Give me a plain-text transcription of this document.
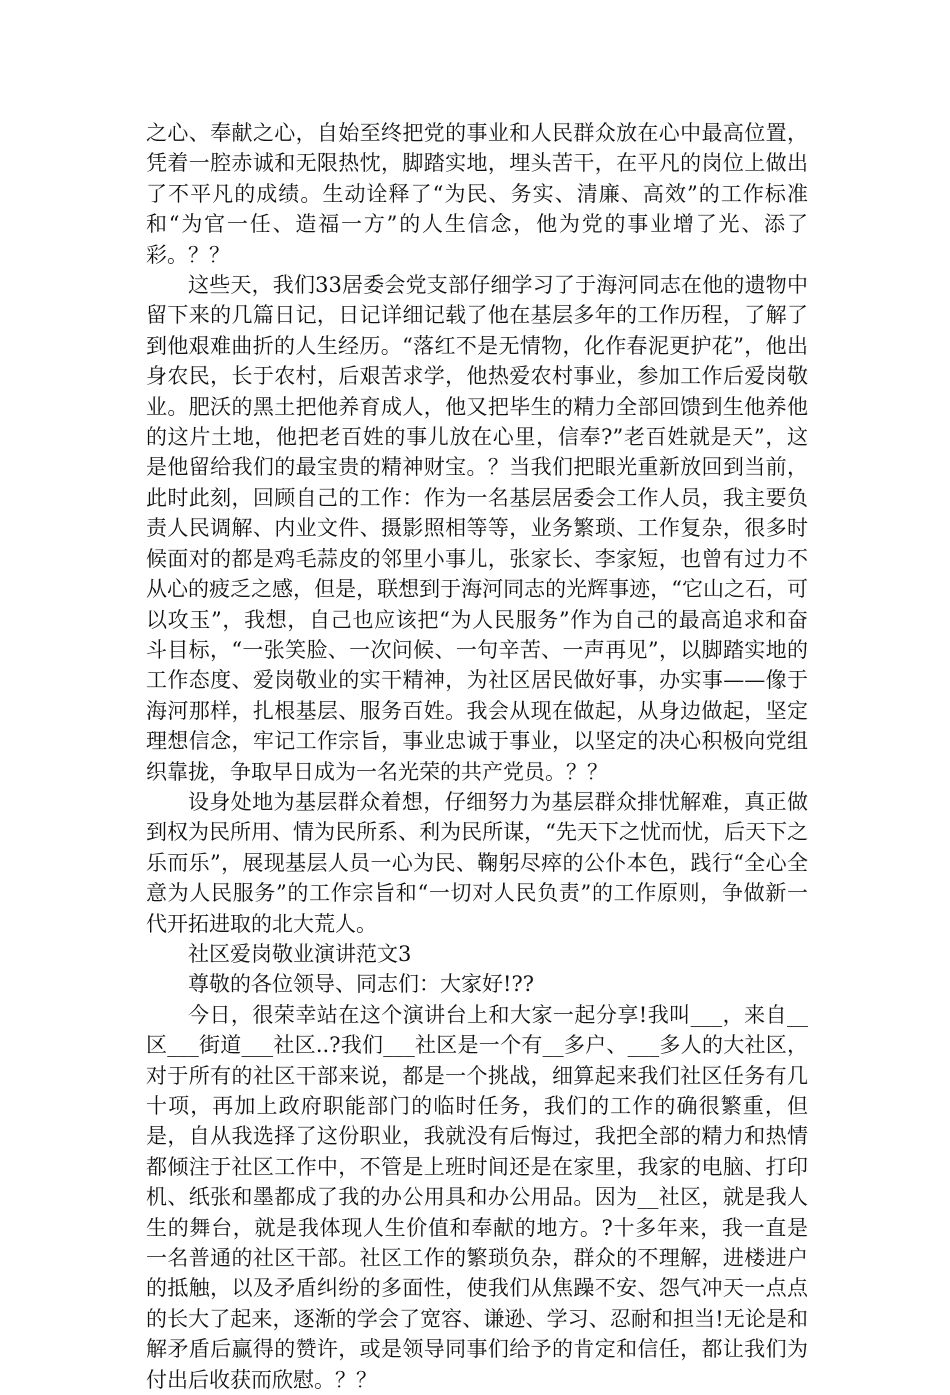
之心、奉献之心，自始至终把党的事业和人民群众放在心中最高位置，凭着一腔赤诚和无限热忱，脚踏实地，埋头苦干，在平凡的岗位上做出了不平凡的成绩。生动诠释了“为民、务实、清廉、高效”的工作标准和“为官一任、造福一方”的人生信念，他为党的事业增了光、添了彩。？？

这些天，我们33居委会党支部仔细学习了于海河同志在他的遗物中留下来的几篇日记，日记详细记载了他在基层多年的工作历程，了解了到他艰难曲折的人生经历。“落红不是无情物，化作春泥更护花”，他出身农民，长于农村，后艰苦求学，他热爱农村事业，参加工作后爱岗敬业。肥沃的黑土把他养育成人，他又把毕生的精力全部回馈到生他养他的这片土地，他把老百姓的事儿放在心里，信奉?”老百姓就是天”，这是他留给我们的最宝贵的精神财宝。？当我们把眼光重新放回到当前，此时此刻，回顾自己的工作：作为一名基层居委会工作人员，我主要负责人民调解、内业文件、摄影照相等等，业务繁琐、工作复杂，很多时候面对的都是鸡毛蒜皮的邻里小事儿，张家长、李家短，也曾有过力不从心的疲乏之感，但是，联想到于海河同志的光辉事迹，“它山之石，可以攻玉”，我想，自己也应该把“为人民服务”作为自己的最高追求和奋斗目标，“一张笑脸、一次问候、一句辛苦、一声再见”，以脚踏实地的工作态度、爱岗敬业的实干精神，为社区居民做好事，办实事——像于海河那样，扎根基层、服务百姓。我会从现在做起，从身边做起，坚定理想信念，牢记工作宗旨，事业忠诚于事业，以坚定的决心积极向党组织靠拢，争取早日成为一名光荣的共产党员。？？

设身处地为基层群众着想，仔细努力为基层群众排忧解难，真正做到权为民所用、情为民所系、利为民所谋，“先天下之忧而忧，后天下之乐而乐”，展现基层人员一心为民、鞠躬尽瘁的公仆本色，践行“全心全意为人民服务”的工作宗旨和“一切对人民负责”的工作原则，争做新一代开拓进取的北大荒人。

社区爱岗敬业演讲范文3

尊敬的各位领导、同志们：大家好!??

今日，很荣幸站在这个演讲台上和大家一起分享!我叫___，来自__区___街道___社区..?我们___社区是一个有__多户、___多人的大社区，对于所有的社区干部来说，都是一个挑战，细算起来我们社区任务有几十项，再加上政府职能部门的临时任务，我们的工作的确很繁重，但是，自从我选择了这份职业，我就没有后悔过，我把全部的精力和热情都倾注于社区工作中，不管是上班时间还是在家里，我家的电脑、打印机、纸张和墨都成了我的办公用具和办公用品。因为__社区，就是我人生的舞台，就是我体现人生价值和奉献的地方。?十多年来，我一直是一名普通的社区干部。社区工作的繁琐负杂，群众的不理解，进楼进户的抵触，以及矛盾纠纷的多面性，使我们从焦躁不安、怨气冲天一点点的长大了起来，逐渐的学会了宽容、谦逊、学习、忍耐和担当!无论是和解矛盾后赢得的赞许，或是领导同事们给予的肯定和信任，都让我们为付出后收获而欣慰。？？
